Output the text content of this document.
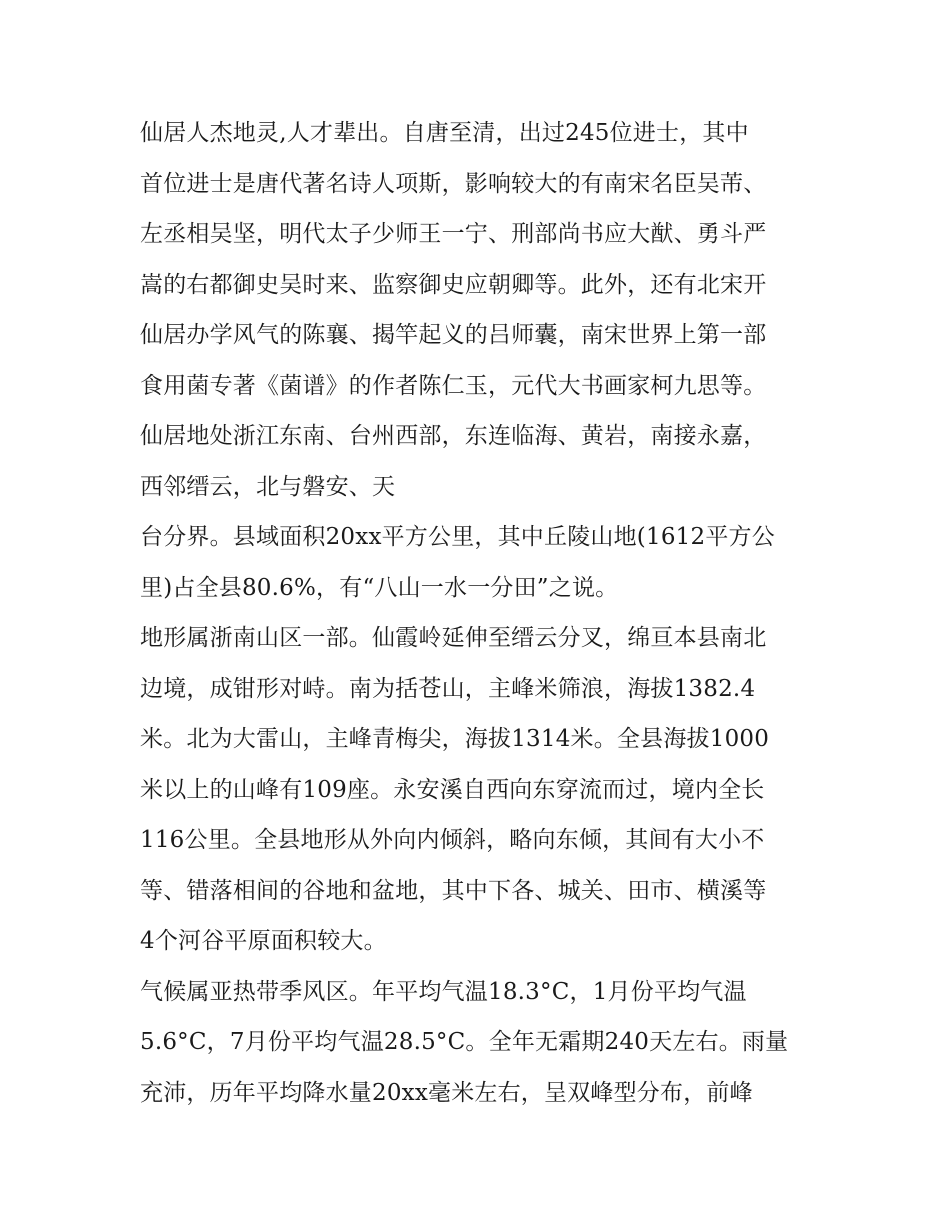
仙居人杰地灵,人才辈出。自唐至清，出过245位进士，其中
首位进士是唐代著名诗人项斯，影响较大的有南宋名臣吴芾、
左丞相吴坚，明代太子少师王一宁、刑部尚书应大猷、勇斗严
嵩的右都御史吴时来、监察御史应朝卿等。此外，还有北宋开
仙居办学风气的陈襄、揭竿起义的吕师囊，南宋世界上第一部
食用菌专著《菌谱》的作者陈仁玉，元代大书画家柯九思等。
仙居地处浙江东南、台州西部，东连临海、黄岩，南接永嘉，
西邻缙云，北与磐安、天
台分界。县域面积20xx平方公里，其中丘陵山地(1612平方公
里)占全县80.6%，有“八山一水一分田”之说。
地形属浙南山区一部。仙霞岭延伸至缙云分叉，绵亘本县南北
边境，成钳形对峙。南为括苍山，主峰米筛浪，海拔1382.4
米。北为大雷山，主峰青梅尖，海拔1314米。全县海拔1000
米以上的山峰有109座。永安溪自西向东穿流而过，境内全长
116公里。全县地形从外向内倾斜，略向东倾，其间有大小不
等、错落相间的谷地和盆地，其中下各、城关、田市、横溪等
4个河谷平原面积较大。
气候属亚热带季风区。年平均气温18.3°C，1月份平均气温
5.6°C，7月份平均气温28.5°C。全年无霜期240天左右。雨量
充沛，历年平均降水量20xx毫米左右，呈双峰型分布，前峰
